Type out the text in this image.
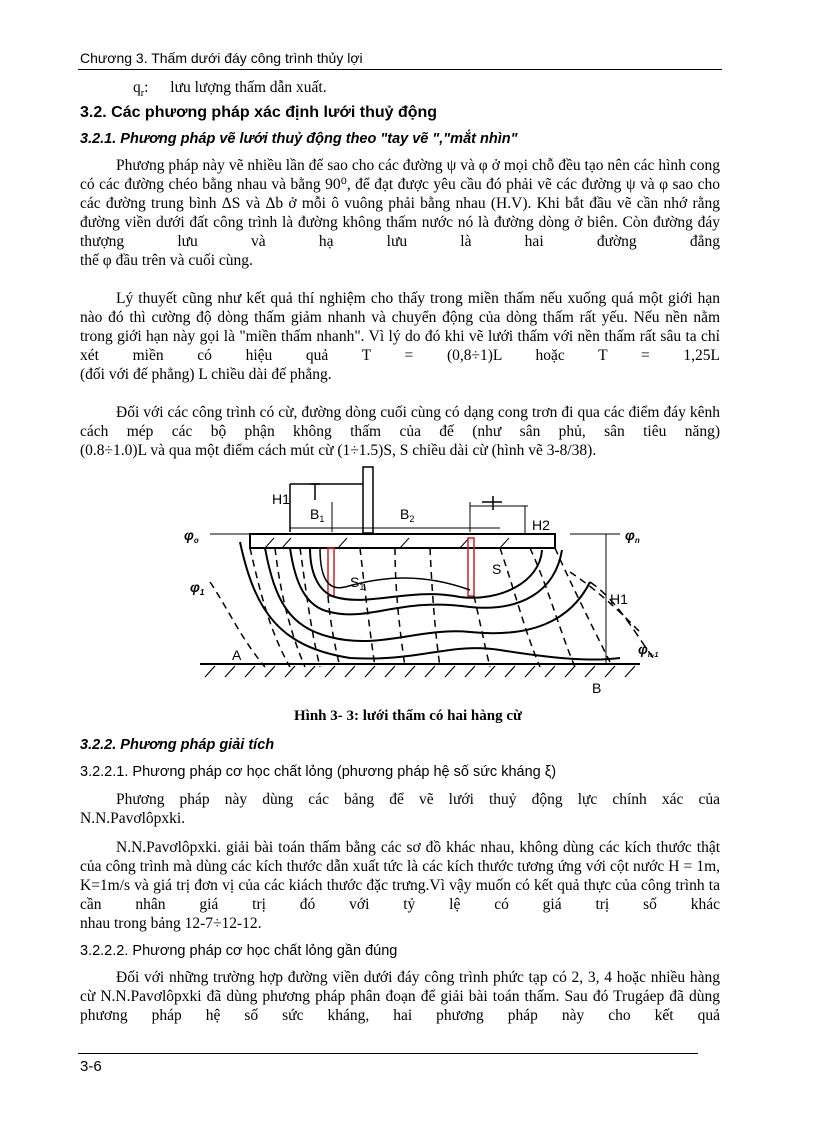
Chương 3. Thấm dưới đáy công trình thủy lợi
$q_r$: lưu lượng thấm dẫn xuất.
3.2. Các phương pháp xác định lưới thuỷ động
3.2.1. Phương pháp vẽ lưới thuỷ động theo "tay vẽ ","mắt nhìn"
Phương pháp này vẽ nhiều lần để sao cho các đường ψ và φ ở mọi chỗ đều tạo nên các hình cong có các đường chéo bằng nhau và bằng 90⁰, để đạt được yêu cầu đó phải vẽ các đường ψ và φ sao cho các đường trung bình ΔS và Δb ở mỗi ô vuông phải bằng nhau (H.V). Khi bắt đầu vẽ cần nhớ rằng đường viền dưới đất công trình là đường không thấm nước nó là đường dòng ở biên. Còn đường đáy thượng lưu và hạ lưu là hai đường đẳng
thế φ đầu trên và cuối cùng.
Lý thuyết cũng như kết quả thí nghiệm cho thấy trong miền thấm nếu xuống quá một giới hạn nào đó thì cường độ dòng thấm giảm nhanh và chuyển động của dòng thấm rất yếu. Nếu nền nằm trong giới hạn này gọi là "miền thấm nhanh". Vì lý do đó khi vẽ lưới thấm với nền thấm rất sâu ta chỉ xét miền có hiệu quả T = (0,8÷1)L hoặc T = 1,25L
(đối với đế phẳng) L chiều dài đế phẳng.
Đối với các công trình có cừ, đường dòng cuối cùng có dạng cong trơn đi qua các điểm đáy kênh cách mép các bộ phận không thấm của đế (như sân phủ, sân tiêu năng)
(0.8÷1.0)L và qua một điểm cách mút cừ (1÷1.5)S, S chiều dài cừ (hình vẽ 3-8/38).
H1
$B_1$	$B_2$	H2
$\varphi_o$	$\varphi_n$
$\varphi_1$
$S_1$
S
H1
$\varphi_{n-1}$
A
B
Hình 3- 3: lưới thấm có hai hàng cừ
3.2.2. Phương pháp giải tích
3.2.2.1. Phương pháp cơ học chất lỏng (phương pháp hệ số sức kháng ξ)
Phương pháp này dùng các bảng để vẽ lưới thuỷ động lực chính xác của
N.N.Pavơlôpxki.
N.N.Pavơlôpxki. giải bài toán thấm bằng các sơ đồ khác nhau, không dùng các kích thước thật của công trình mà dùng các kích thước dẫn xuất tức là các kích thước tương ứng với cột nước H = 1m, K=1m/s và giá trị đơn vị của các kiách thước đặc trưng.Vì vậy muốn có kết quả thực của công trình ta cần nhân giá trị đó với tỷ lệ có giá trị số khác
nhau trong bảng 12-7÷12-12.
3.2.2.2. Phương pháp cơ học chất lỏng gần đúng
Đối với những trường hợp đường viền dưới đáy công trình phức tạp có 2, 3, 4 hoặc nhiều hàng cừ N.N.Pavơlôpxki đã dùng phương pháp phân đoạn để giải bài toán thấm. Sau đó Trugáep đã dùng phương pháp hệ số sức kháng, hai phương pháp này cho kết quả
3-6
